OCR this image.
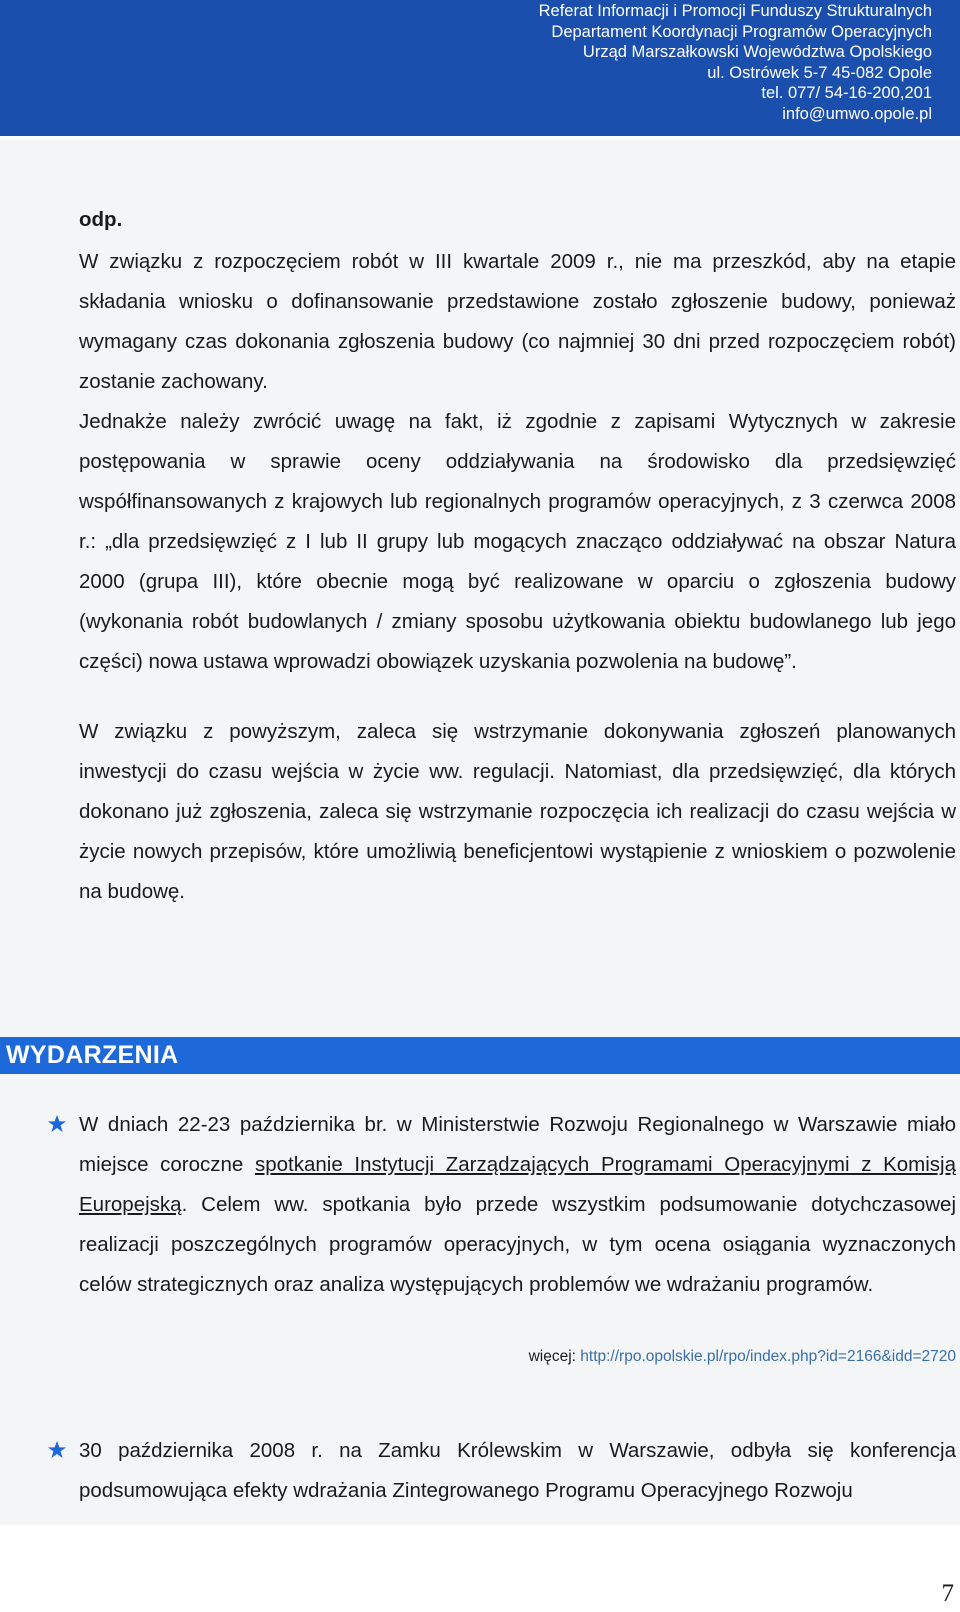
Referat Informacji i Promocji Funduszy Strukturalnych
Departament Koordynacji Programów Operacyjnych
Urząd Marszałkowski Województwa Opolskiego
ul. Ostrówek 5-7 45-082 Opole
tel. 077/ 54-16-200,201
info@umwo.opole.pl
odp.

W związku z rozpoczęciem robót w III kwartale 2009 r., nie ma przeszkód, aby na etapie składania wniosku o dofinansowanie przedstawione zostało zgłoszenie budowy, ponieważ wymagany czas dokonania zgłoszenia budowy (co najmniej 30 dni przed rozpoczęciem robót) zostanie zachowany.

Jednakże należy zwrócić uwagę na fakt, iż zgodnie z zapisami Wytycznych w zakresie postępowania w sprawie oceny oddziaływania na środowisko dla przedsięwzięć współfinansowanych z krajowych lub regionalnych programów operacyjnych, z 3 czerwca 2008 r.: „dla przedsięwzięć z I lub II grupy lub mogących znacząco oddziaływać na obszar Natura 2000 (grupa III), które obecnie mogą być realizowane w oparciu o zgłoszenia budowy (wykonania robót budowlanych / zmiany sposobu użytkowania obiektu budowlanego lub jego części) nowa ustawa wprowadzi obowiązek uzyskania pozwolenia na budowę”.

W związku z powyższym, zaleca się wstrzymanie dokonywania zgłoszeń planowanych inwestycji do czasu wejścia w życie ww. regulacji. Natomiast, dla przedsięwzięć, dla których dokonano już zgłoszenia, zaleca się wstrzymanie rozpoczęcia ich realizacji do czasu wejścia w życie nowych przepisów, które umożliwią beneficjentowi wystąpienie z wnioskiem o pozwolenie na budowę.

WYDARZENIA

W dniach 22-23 października br. w Ministerstwie Rozwoju Regionalnego w Warszawie miało miejsce coroczne spotkanie Instytucji Zarządzających Programami Operacyjnymi z Komisją Europejską. Celem ww. spotkania było przede wszystkim podsumowanie dotychczasowej realizacji poszczególnych programów operacyjnych, w tym ocena osiągania wyznaczonych celów strategicznych oraz analiza występujących problemów we wdrażaniu programów.

więcej: http://rpo.opolskie.pl/rpo/index.php?id=2166&idd=2720

30 października 2008 r. na Zamku Królewskim w Warszawie, odbyła się konferencja podsumowująca efekty wdrażania Zintegrowanego Programu Operacyjnego Rozwoju

7
